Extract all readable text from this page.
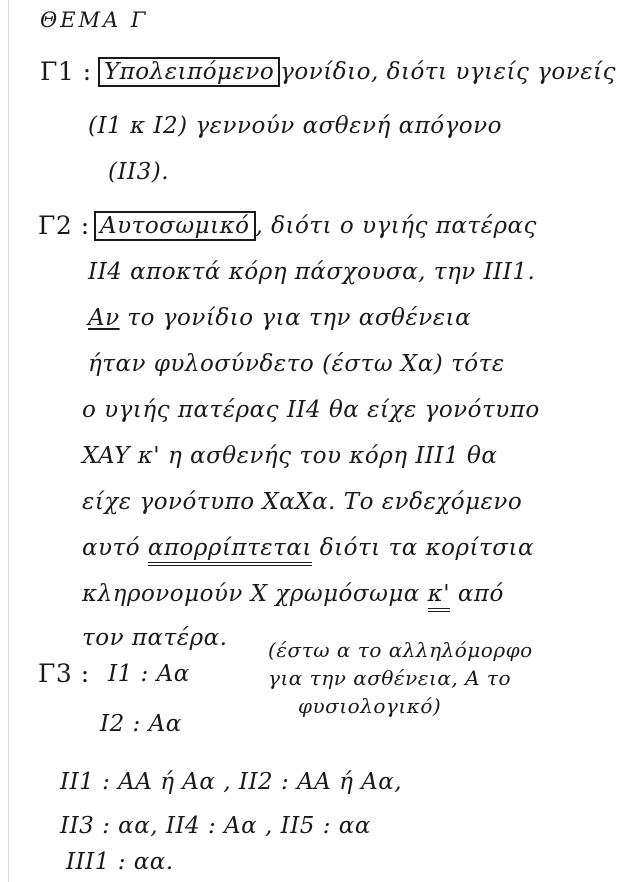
ΘΕΜΑ Γ
Γ1 : Υπολειπόμενο γονίδιο, διότι υγιείς γονείς
(Ι1 κ Ι2) γεννούν ασθενή απόγονο
(ΙΙ3).
Γ2 : Αυτοσωμικό , διότι ο υγιής πατέρας
ΙΙ4 αποκτά κόρη πάσχουσα, την ΙΙΙ1.
Αν το γονίδιο για την ασθένεια
ήταν φυλοσύνδετο (έστω Xα) τότε
ο υγιής πατέρας ΙΙ4 θα είχε γονότυπο
XAY κ' η ασθενής του κόρη ΙΙΙ1 θα
είχε γονότυπο XαXα. Το ενδεχόμενο
αυτό απορρίπτεται διότι τα κορίτσια
κληρονομούν X χρωμόσωμα κ' από
τον πατέρα.
Γ3 : Ι1 : Αα
(έστω α το αλληλόμορφο
για την ασθένεια, Α το
φυσιολογικό)
Ι2 : Αα
ΙΙ1 : ΑΑ ή Αα , ΙΙ2 : ΑΑ ή Αα,
ΙΙ3 : αα, ΙΙ4 : Αα , ΙΙ5 : αα
ΙΙΙ1 : αα.
